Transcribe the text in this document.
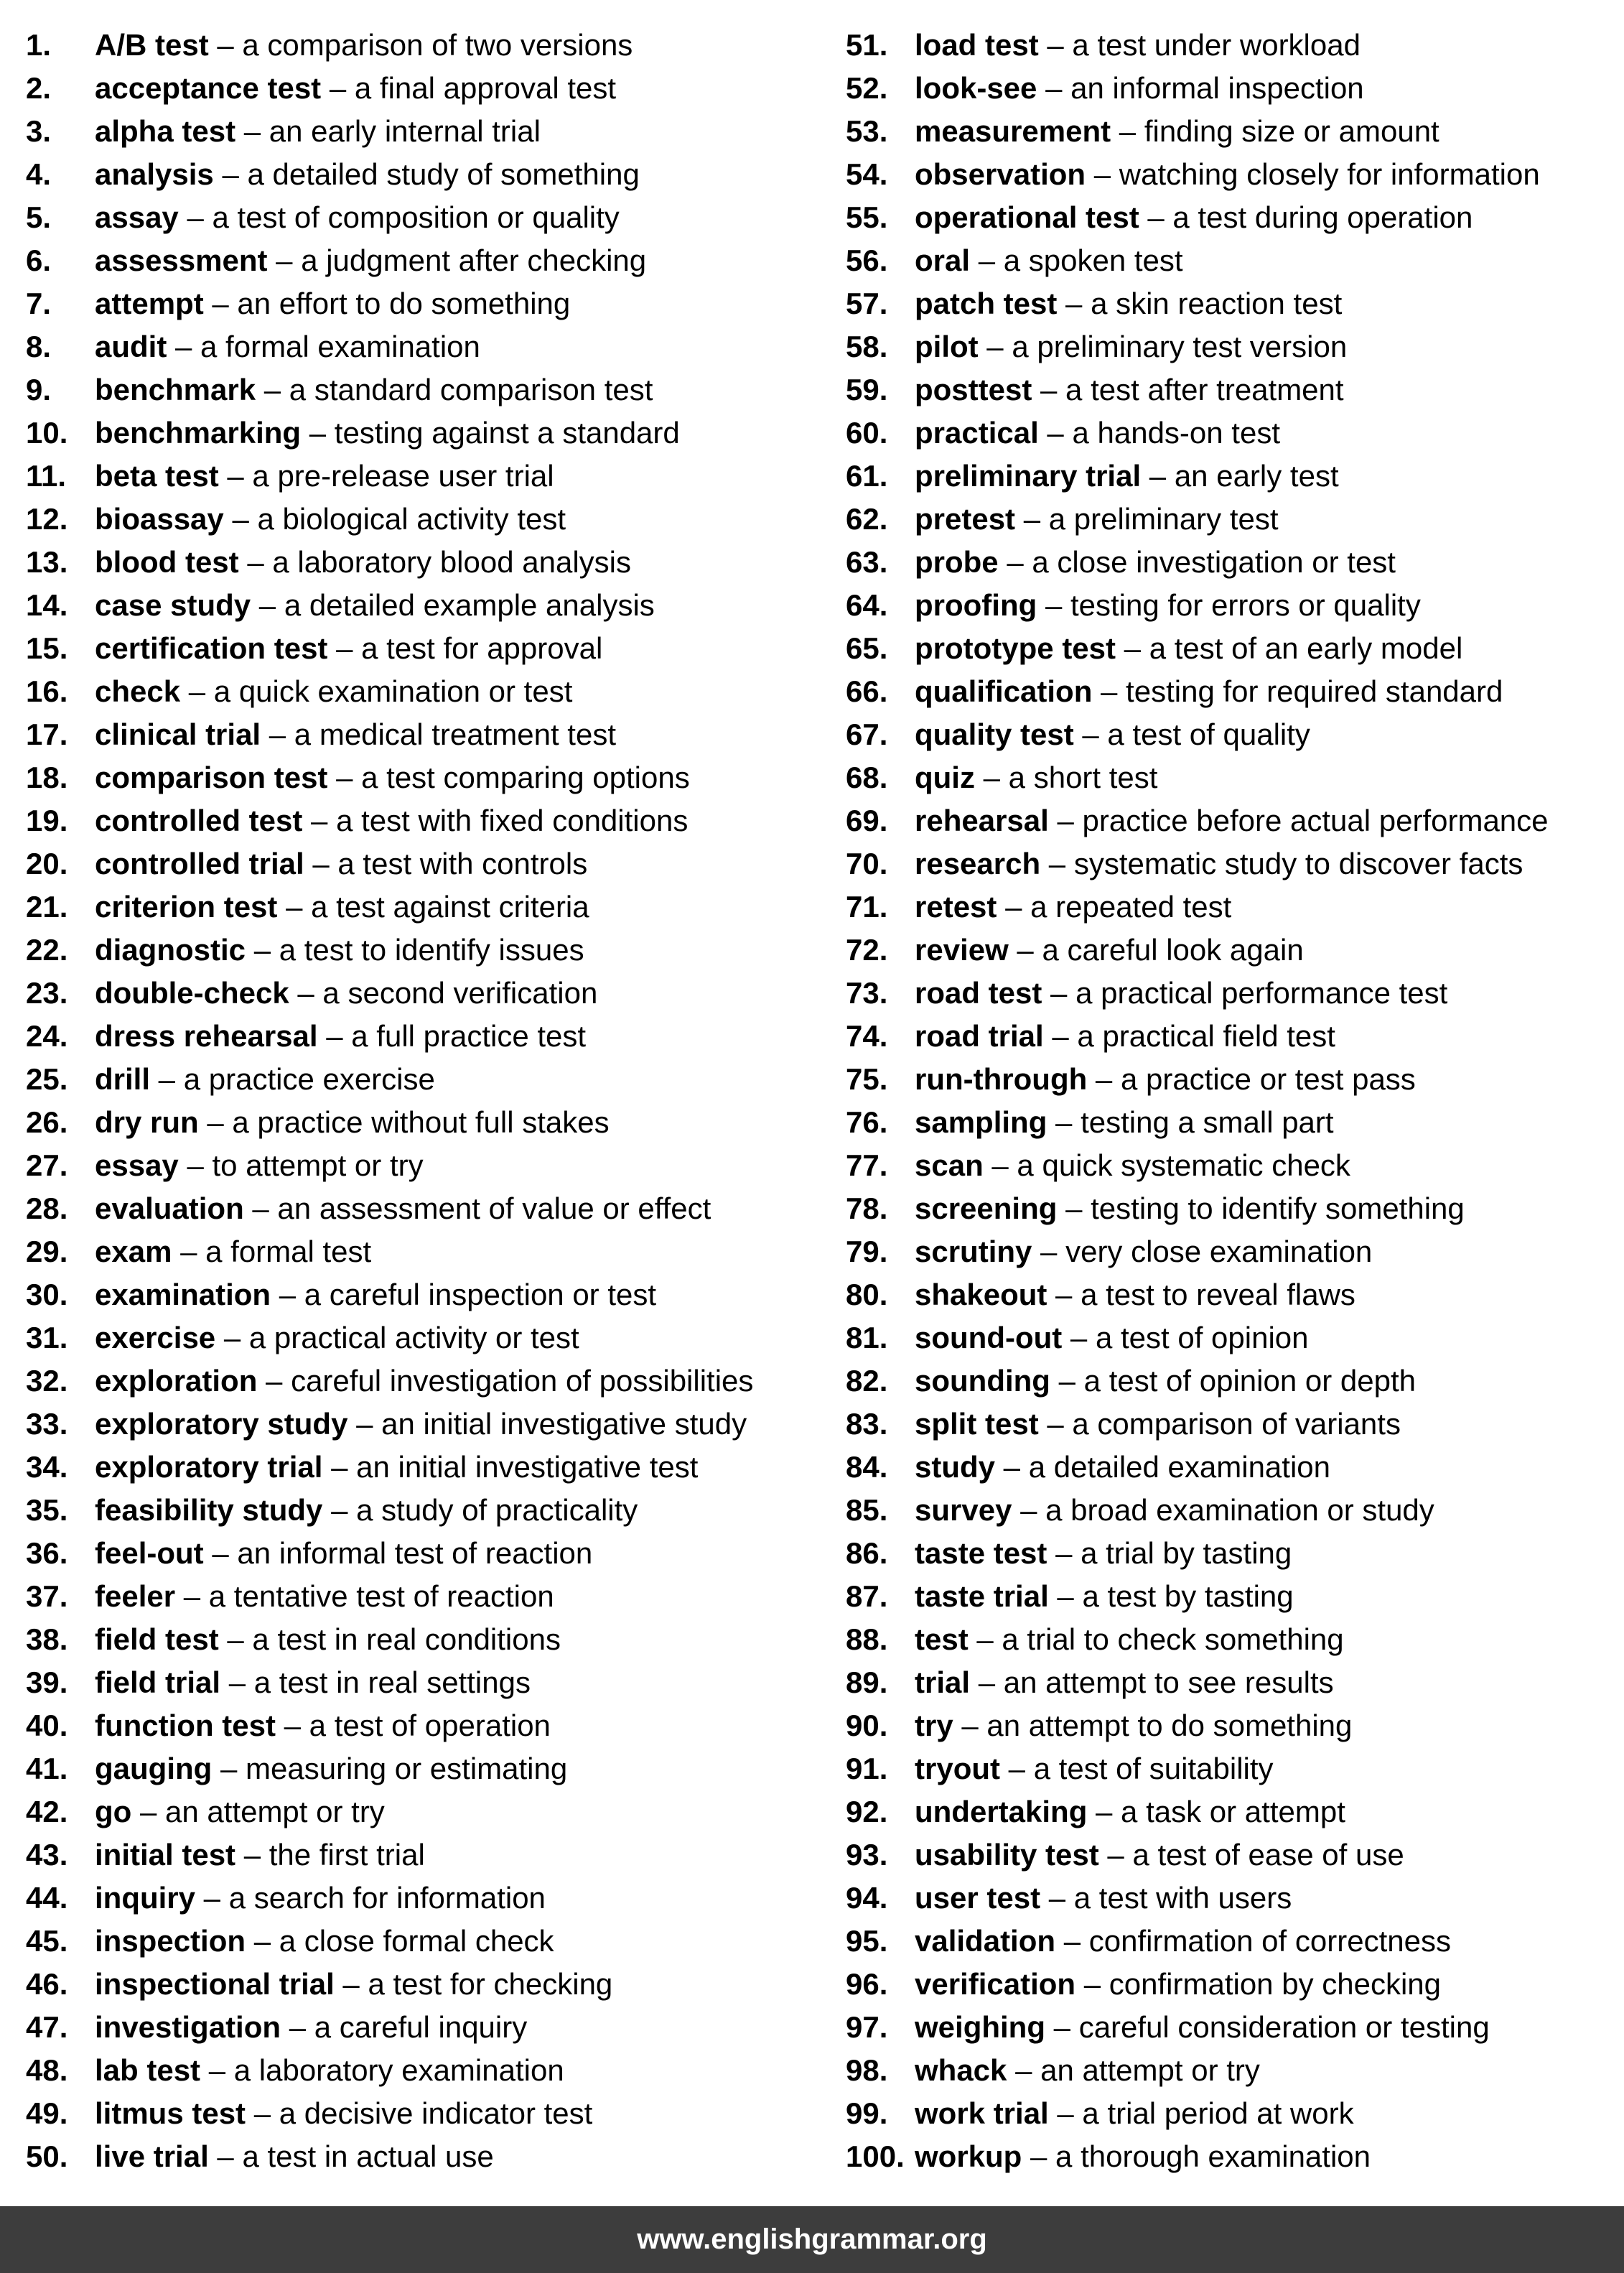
1. A/B test – a comparison of two versions
2. acceptance test – a final approval test
3. alpha test – an early internal trial
4. analysis – a detailed study of something
5. assay – a test of composition or quality
6. assessment – a judgment after checking
7. attempt – an effort to do something
8. audit – a formal examination
9. benchmark – a standard comparison test
10. benchmarking – testing against a standard
11. beta test – a pre-release user trial
12. bioassay – a biological activity test
13. blood test – a laboratory blood analysis
14. case study – a detailed example analysis
15. certification test – a test for approval
16. check – a quick examination or test
17. clinical trial – a medical treatment test
18. comparison test – a test comparing options
19. controlled test – a test with fixed conditions
20. controlled trial – a test with controls
21. criterion test – a test against criteria
22. diagnostic – a test to identify issues
23. double-check – a second verification
24. dress rehearsal – a full practice test
25. drill – a practice exercise
26. dry run – a practice without full stakes
27. essay – to attempt or try
28. evaluation – an assessment of value or effect
29. exam – a formal test
30. examination – a careful inspection or test
31. exercise – a practical activity or test
32. exploration – careful investigation of possibilities
33. exploratory study – an initial investigative study
34. exploratory trial – an initial investigative test
35. feasibility study – a study of practicality
36. feel-out – an informal test of reaction
37. feeler – a tentative test of reaction
38. field test – a test in real conditions
39. field trial – a test in real settings
40. function test – a test of operation
41. gauging – measuring or estimating
42. go – an attempt or try
43. initial test – the first trial
44. inquiry – a search for information
45. inspection – a close formal check
46. inspectional trial – a test for checking
47. investigation – a careful inquiry
48. lab test – a laboratory examination
49. litmus test – a decisive indicator test
50. live trial – a test in actual use
51. load test – a test under workload
52. look-see – an informal inspection
53. measurement – finding size or amount
54. observation – watching closely for information
55. operational test – a test during operation
56. oral – a spoken test
57. patch test – a skin reaction test
58. pilot – a preliminary test version
59. posttest – a test after treatment
60. practical – a hands-on test
61. preliminary trial – an early test
62. pretest – a preliminary test
63. probe – a close investigation or test
64. proofing – testing for errors or quality
65. prototype test – a test of an early model
66. qualification – testing for required standard
67. quality test – a test of quality
68. quiz – a short test
69. rehearsal – practice before actual performance
70. research – systematic study to discover facts
71. retest – a repeated test
72. review – a careful look again
73. road test – a practical performance test
74. road trial – a practical field test
75. run-through – a practice or test pass
76. sampling – testing a small part
77. scan – a quick systematic check
78. screening – testing to identify something
79. scrutiny – very close examination
80. shakeout – a test to reveal flaws
81. sound-out – a test of opinion
82. sounding – a test of opinion or depth
83. split test – a comparison of variants
84. study – a detailed examination
85. survey – a broad examination or study
86. taste test – a trial by tasting
87. taste trial – a test by tasting
88. test – a trial to check something
89. trial – an attempt to see results
90. try – an attempt to do something
91. tryout – a test of suitability
92. undertaking – a task or attempt
93. usability test – a test of ease of use
94. user test – a test with users
95. validation – confirmation of correctness
96. verification – confirmation by checking
97. weighing – careful consideration or testing
98. whack – an attempt or try
99. work trial – a trial period at work
100. workup – a thorough examination
www.englishgrammar.org
